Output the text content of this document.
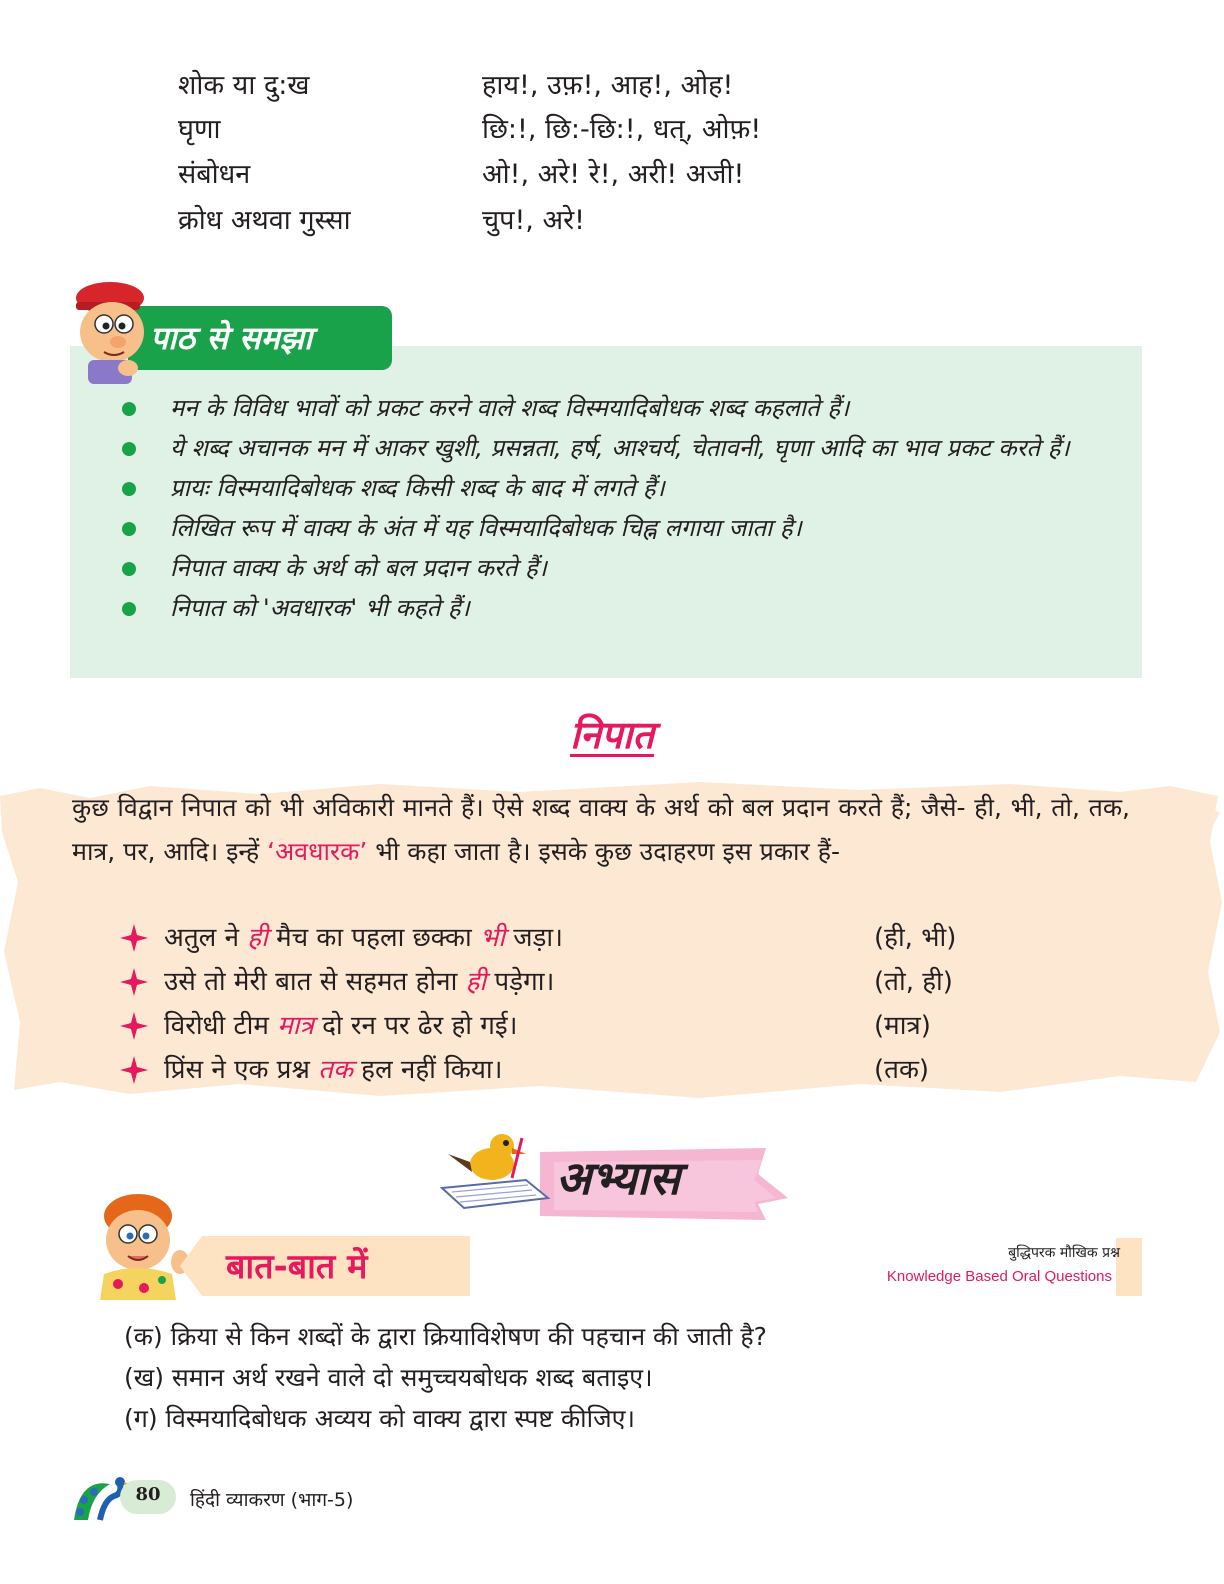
शोक या दु:ख	हाय!, उफ़!, आह!, ओह!
घृणा	छि:!, छि:-छि:!, धत्, ओफ़!
संबोधन	ओ!, अरे! रे!, अरी! अजी!
क्रोध अथवा गुस्सा	चुप!, अरे!
पाठ से समझा
मन के विविध भावों को प्रकट करने वाले शब्द विस्मयादिबोधक शब्द कहलाते हैं।
ये शब्द अचानक मन में आकर खुशी, प्रसन्नता, हर्ष, आश्चर्य, चेतावनी, घृणा आदि का भाव प्रकट करते हैं।
प्रायः विस्मयादिबोधक शब्द किसी शब्द के बाद में लगते हैं।
लिखित रूप में वाक्य के अंत में यह विस्मयादिबोधक चिह्न लगाया जाता है।
निपात वाक्य के अर्थ को बल प्रदान करते हैं।
निपात को 'अवधारक' भी कहते हैं।
निपात
कुछ विद्वान निपात को भी अविकारी मानते हैं। ऐसे शब्द वाक्य के अर्थ को बल प्रदान करते हैं; जैसे- ही, भी, तो, तक, मात्र, पर, आदि। इन्हें ‘अवधारक’ भी कहा जाता है। इसके कुछ उदाहरण इस प्रकार हैं-
अतुल ने ही मैच का पहला छक्का भी जड़ा।	(ही, भी)
उसे तो मेरी बात से सहमत होना ही पड़ेगा।	(तो, ही)
विरोधी टीम मात्र दो रन पर ढेर हो गई।	(मात्र)
प्रिंस ने एक प्रश्न तक हल नहीं किया।	(तक)
अभ्यास
बात-बात में	बुद्धिपरक मौखिक प्रश्न
Knowledge Based Oral Questions
(क) क्रिया से किन शब्दों के द्वारा क्रियाविशेषण की पहचान की जाती है?
(ख) समान अर्थ रखने वाले दो समुच्चयबोधक शब्द बताइए।
(ग) विस्मयादिबोधक अव्यय को वाक्य द्वारा स्पष्ट कीजिए।
80	हिंदी व्याकरण (भाग-5)
